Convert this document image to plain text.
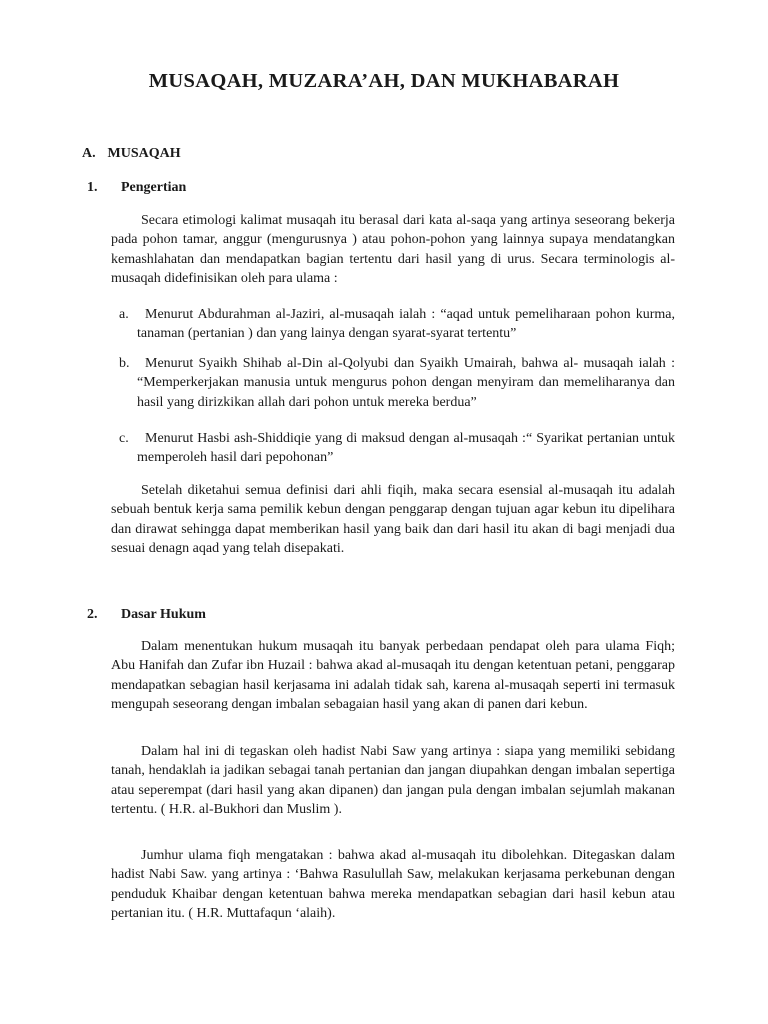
MUSAQAH, MUZARA’AH, DAN MUKHABARAH
A. MUSAQAH
1. Pengertian

Secara etimologi kalimat musaqah itu berasal dari kata al-saqa yang artinya seseorang bekerja pada pohon tamar, anggur (mengurusnya ) atau pohon-pohon yang lainnya supaya mendatangkan kemashlahatan dan mendapatkan bagian tertentu dari hasil yang di urus. Secara terminologis al-musaqah didefinisikan oleh para ulama :

a.	Menurut Abdurahman al-Jaziri, al-musaqah ialah : “aqad untuk pemeliharaan pohon kurma, tanaman (pertanian ) dan yang lainya dengan syarat-syarat tertentu”
b.	Menurut Syaikh Shihab al-Din al-Qolyubi dan Syaikh Umairah, bahwa al- musaqah ialah : “Memperkerjakan manusia untuk mengurus pohon dengan menyiram dan memeliharanya dan hasil yang dirizkikan allah dari pohon untuk mereka berdua”
c.	Menurut Hasbi ash-Shiddiqie yang di maksud dengan al-musaqah :“ Syarikat pertanian untuk memperoleh hasil dari pepohonan”

Setelah diketahui semua definisi dari ahli fiqih, maka secara esensial al-musaqah itu adalah sebuah bentuk kerja sama pemilik kebun dengan penggarap dengan tujuan agar kebun itu dipelihara dan dirawat sehingga dapat memberikan hasil yang baik dan dari hasil itu akan di bagi menjadi dua sesuai denagn aqad yang telah disepakati.

2. Dasar Hukum

Dalam menentukan hukum musaqah itu banyak perbedaan pendapat oleh para ulama Fiqh; Abu Hanifah dan Zufar ibn Huzail : bahwa akad al-musaqah itu dengan ketentuan petani, penggarap mendapatkan sebagian hasil kerjasama ini adalah tidak sah, karena al-musaqah seperti ini termasuk mengupah seseorang dengan imbalan sebagaian hasil yang akan di panen dari kebun.

Dalam hal ini di tegaskan oleh hadist Nabi Saw yang artinya : siapa yang memiliki sebidang tanah, hendaklah ia jadikan sebagai tanah pertanian dan jangan diupahkan dengan imbalan sepertiga atau seperempat (dari hasil yang akan dipanen) dan jangan pula dengan imbalan sejumlah makanan tertentu. ( H.R. al-Bukhori dan Muslim ).

Jumhur ulama fiqh mengatakan : bahwa akad al-musaqah itu dibolehkan. Ditegaskan dalam hadist Nabi Saw. yang artinya : ‘Bahwa Rasulullah Saw, melakukan kerjasama perkebunan dengan penduduk Khaibar dengan ketentuan bahwa mereka mendapatkan sebagian dari hasil kebun atau pertanian itu. ( H.R. Muttafaqun ‘alaih).
